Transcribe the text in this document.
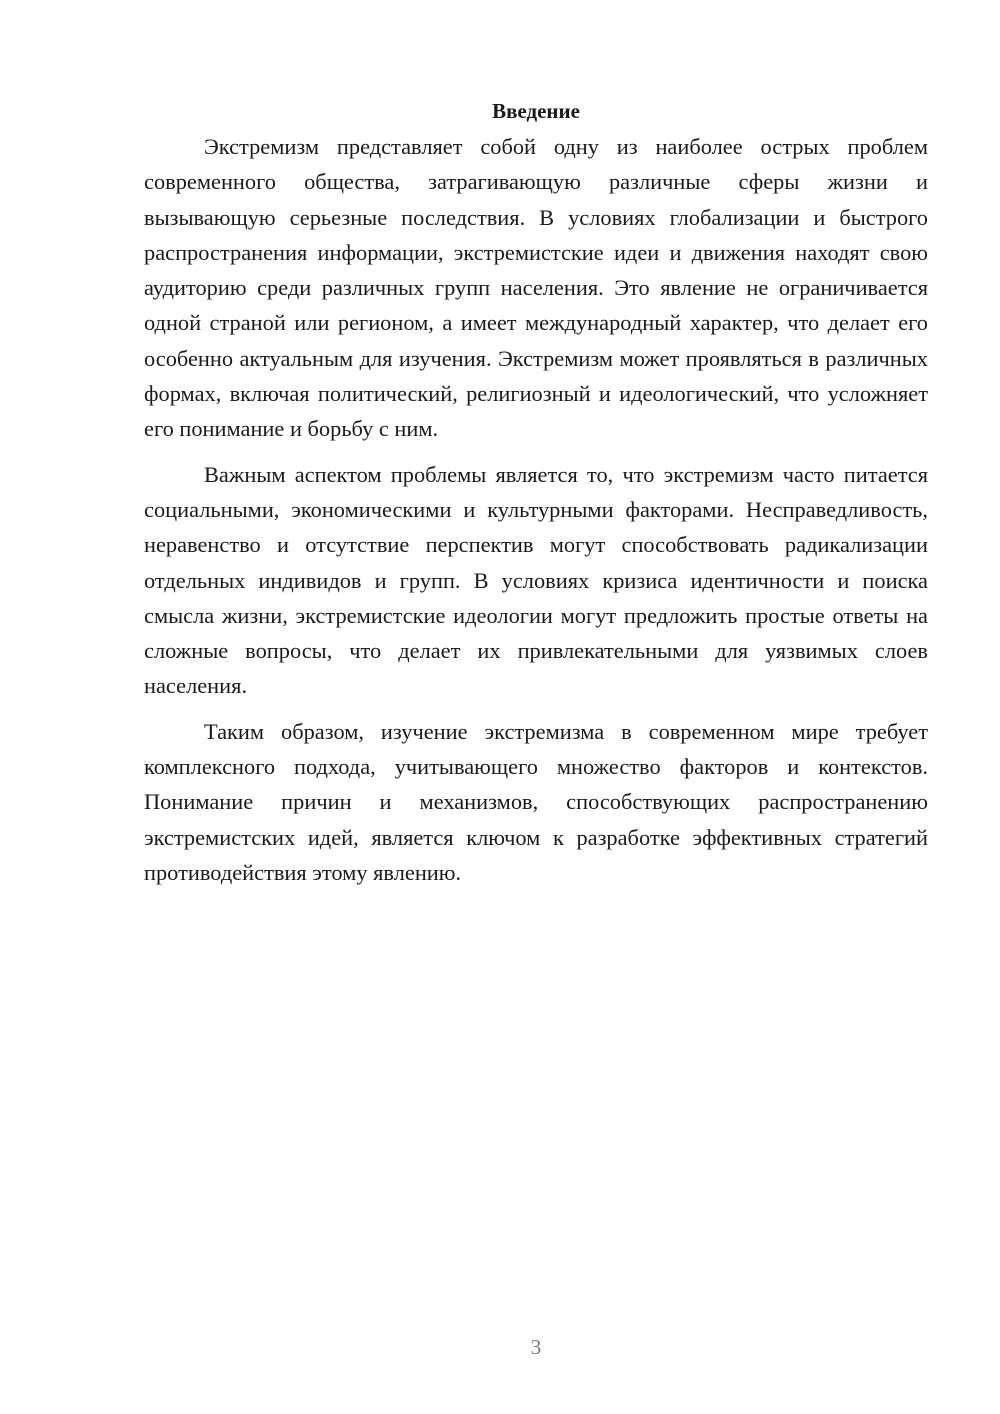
Введение

Экстремизм представляет собой одну из наиболее острых проблем современного общества, затрагивающую различные сферы жизни и вызывающую серьезные последствия. В условиях глобализации и быстрого распространения информации, экстремистские идеи и движения находят свою аудиторию среди различных групп населения. Это явление не ограничивается одной страной или регионом, а имеет международный характер, что делает его особенно актуальным для изучения. Экстремизм может проявляться в различных формах, включая политический, религиозный и идеологический, что усложняет его понимание и борьбу с ним.

Важным аспектом проблемы является то, что экстремизм часто питается социальными, экономическими и культурными факторами. Несправедливость, неравенство и отсутствие перспектив могут способствовать радикализации отдельных индивидов и групп. В условиях кризиса идентичности и поиска смысла жизни, экстремистские идеологии могут предложить простые ответы на сложные вопросы, что делает их привлекательными для уязвимых слоев населения.

Таким образом, изучение экстремизма в современном мире требует комплексного подхода, учитывающего множество факторов и контекстов. Понимание причин и механизмов, способствующих распространению экстремистских идей, является ключом к разработке эффективных стратегий противодействия этому явлению.

3
